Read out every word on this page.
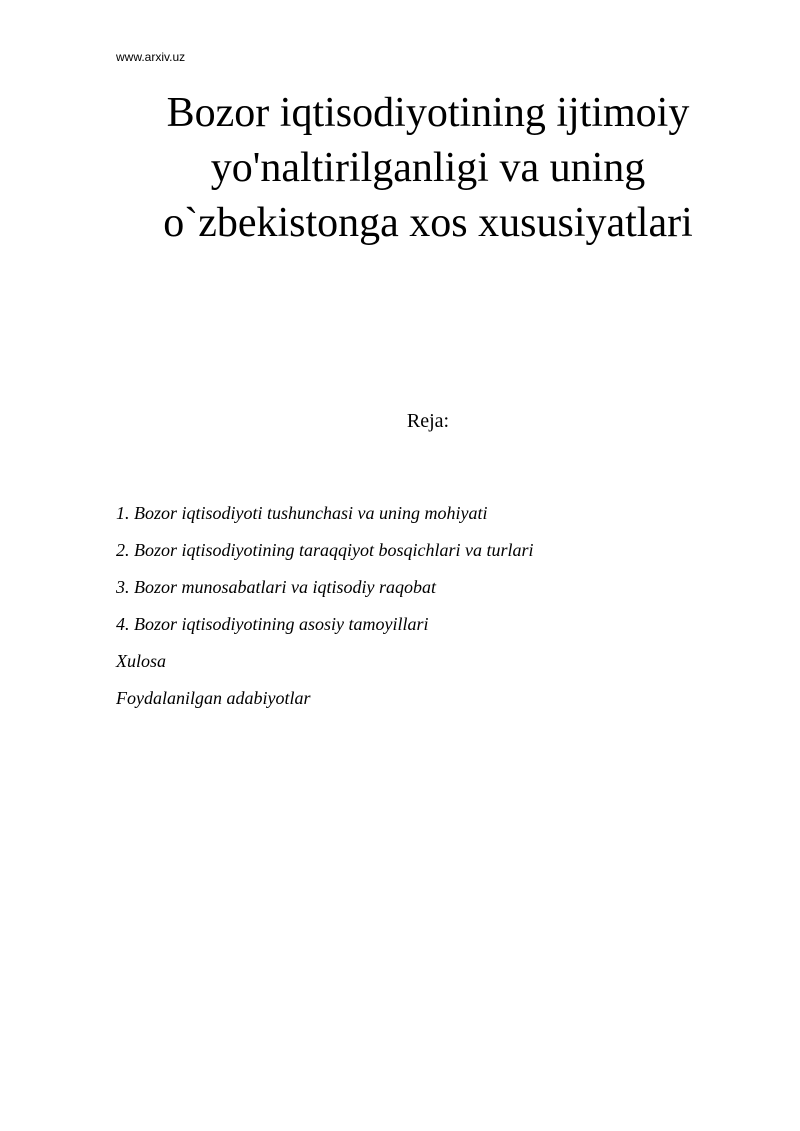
www.arxiv.uz
Bozor iqtisodiyotining ijtimoiy
yo'naltirilganligi va uning
o`zbekistonga xos xususiyatlari
Reja:
1. Bozor iqtisodiyoti tushunchasi va uning mohiyati
2. Bozor iqtisodiyotining taraqqiyot bosqichlari va turlari
3. Bozor munosabatlari va iqtisodiy raqobat
4. Bozor iqtisodiyotining asosiy tamoyillari
Xulosa
Foydalanilgan adabiyotlar
